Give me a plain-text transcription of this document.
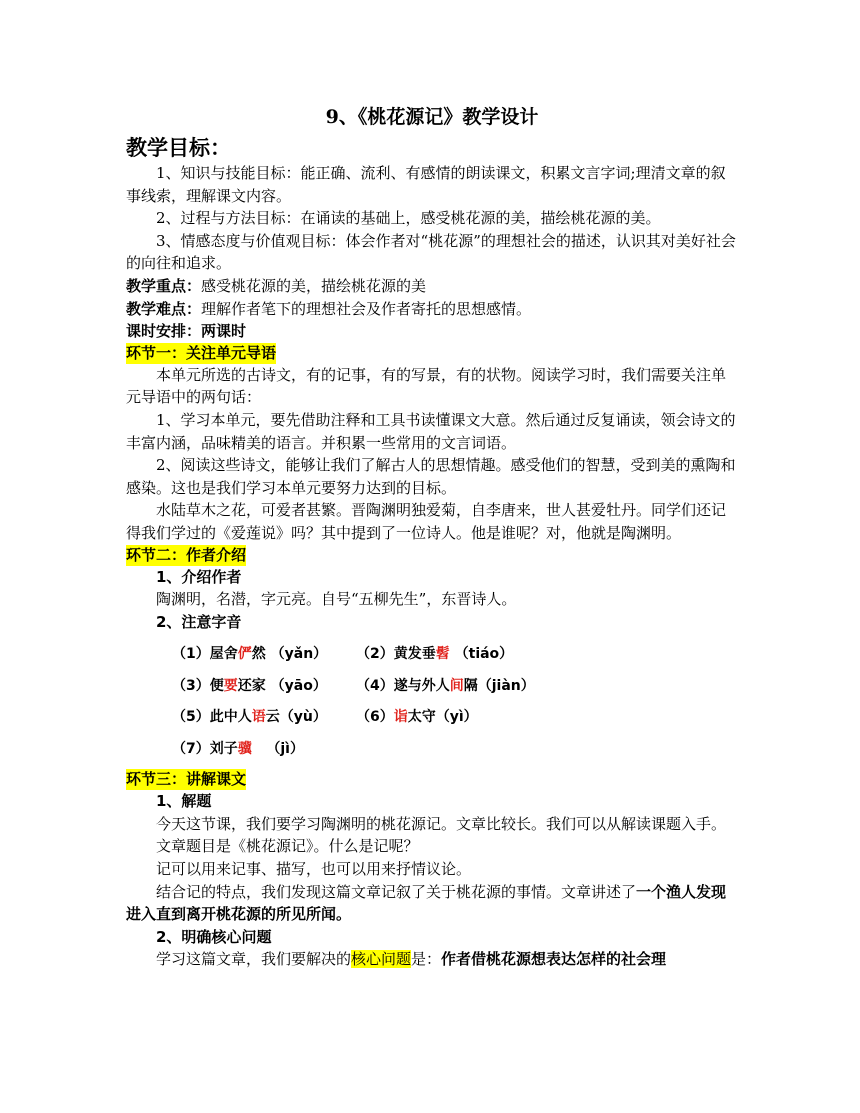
9、《桃花源记》教学设计

教学目标：

1、知识与技能目标：能正确、流利、有感情的朗读课文，积累文言字词;理清文章的叙事线索，理解课文内容。

2、过程与方法目标：在诵读的基础上，感受桃花源的美，描绘桃花源的美。

3、情感态度与价值观目标：体会作者对“桃花源”的理想社会的描述，认识其对美好社会的向往和追求。

教学重点：感受桃花源的美，描绘桃花源的美

教学难点：理解作者笔下的理想社会及作者寄托的思想感情。

课时安排：两课时

环节一：关注单元导语

本单元所选的古诗文，有的记事，有的写景，有的状物。阅读学习时，我们需要关注单元导语中的两句话：

1、学习本单元，要先借助注释和工具书读懂课文大意。然后通过反复诵读，领会诗文的丰富内涵，品味精美的语言。并积累一些常用的文言词语。

2、阅读这些诗文，能够让我们了解古人的思想情趣。感受他们的智慧，受到美的熏陶和感染。这也是我们学习本单元要努力达到的目标。

水陆草木之花，可爱者甚繁。晋陶渊明独爱菊，自李唐来，世人甚爱牡丹。同学们还记得我们学过的《爱莲说》吗？其中提到了一位诗人。他是谁呢？对，他就是陶渊明。

环节二：作者介绍

1、介绍作者

陶渊明，名潜，字元亮。自号“五柳先生”，东晋诗人。

2、注意字音

（1）屋舍俨然 （yǎn）	（2）黄发垂髫 （tiáo）
（3）便要还家 （yāo）	（4）遂与外人间隔（jiàn）
（5）此中人语云（yù）	（6）诣太守（yì）
（7）刘子骥   （jì）
环节三：讲解课文

1、解题

今天这节课，我们要学习陶渊明的桃花源记。文章比较长。我们可以从解读课题入手。

文章题目是《桃花源记》。什么是记呢？

记可以用来记事、描写，也可以用来抒情议论。

结合记的特点，我们发现这篇文章记叙了关于桃花源的事情。文章讲述了一个渔人发现进入直到离开桃花源的所见所闻。

2、明确核心问题

学习这篇文章，我们要解决的核心问题是：作者借桃花源想表达怎样的社会理
